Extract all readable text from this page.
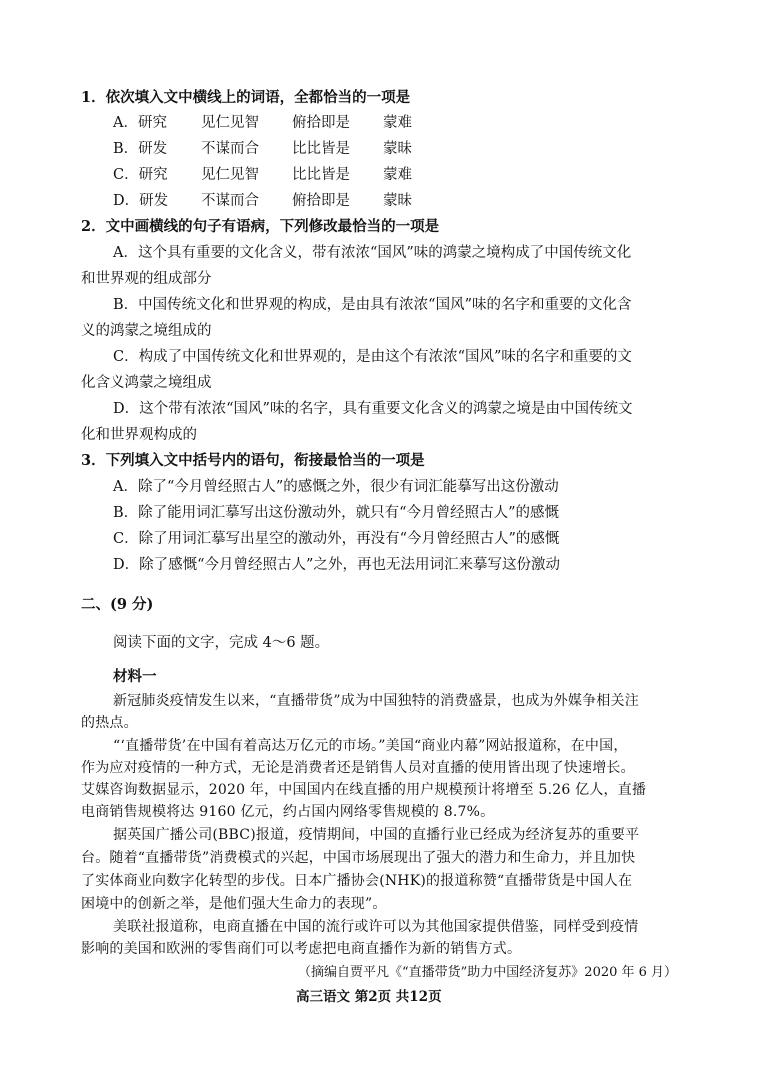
1．依次填入文中横线上的词语，全都恰当的一项是
A．研究 见仁见智 俯拾即是 蒙难
B．研发 不谋而合 比比皆是 蒙昧
C．研究 见仁见智 比比皆是 蒙难
D．研发 不谋而合 俯拾即是 蒙昧
2．文中画横线的句子有语病，下列修改最恰当的一项是
A．这个具有重要的文化含义，带有浓浓“国风”味的鸿蒙之境构成了中国传统文化
和世界观的组成部分
B．中国传统文化和世界观的构成，是由具有浓浓“国风”味的名字和重要的文化含
义的鸿蒙之境组成的
C．构成了中国传统文化和世界观的，是由这个有浓浓“国风”味的名字和重要的文
化含义鸿蒙之境组成
D．这个带有浓浓“国风”味的名字，具有重要文化含义的鸿蒙之境是由中国传统文
化和世界观构成的
3．下列填入文中括号内的语句，衔接最恰当的一项是
A．除了“今月曾经照古人”的感慨之外，很少有词汇能摹写出这份激动
B．除了能用词汇摹写出这份激动外，就只有“今月曾经照古人”的感慨
C．除了用词汇摹写出星空的激动外，再没有“今月曾经照古人”的感慨
D．除了感慨“今月曾经照古人”之外，再也无法用词汇来摹写这份激动
二、(9 分)
阅读下面的文字，完成 4～6 题。
材料一
新冠肺炎疫情发生以来，“直播带货”成为中国独特的消费盛景，也成为外媒争相关注
的热点。
“‘直播带货’在中国有着高达万亿元的市场。”美国“商业内幕”网站报道称，在中国，
作为应对疫情的一种方式，无论是消费者还是销售人员对直播的使用皆出现了快速增长。
艾媒咨询数据显示，2020 年，中国国内在线直播的用户规模预计将增至 5.26 亿人，直播
电商销售规模将达 9160 亿元，约占国内网络零售规模的 8.7%。
据英国广播公司(BBC)报道，疫情期间，中国的直播行业已经成为经济复苏的重要平
台。随着“直播带货”消费模式的兴起，中国市场展现出了强大的潜力和生命力，并且加快
了实体商业向数字化转型的步伐。日本广播协会(NHK)的报道称赞“直播带货是中国人在
困境中的创新之举，是他们强大生命力的表现”。
美联社报道称，电商直播在中国的流行或许可以为其他国家提供借鉴，同样受到疫情
影响的美国和欧洲的零售商们可以考虑把电商直播作为新的销售方式。
（摘编自贾平凡《“直播带货”助力中国经济复苏》2020 年 6 月）
高三语文 第2页 共12页
